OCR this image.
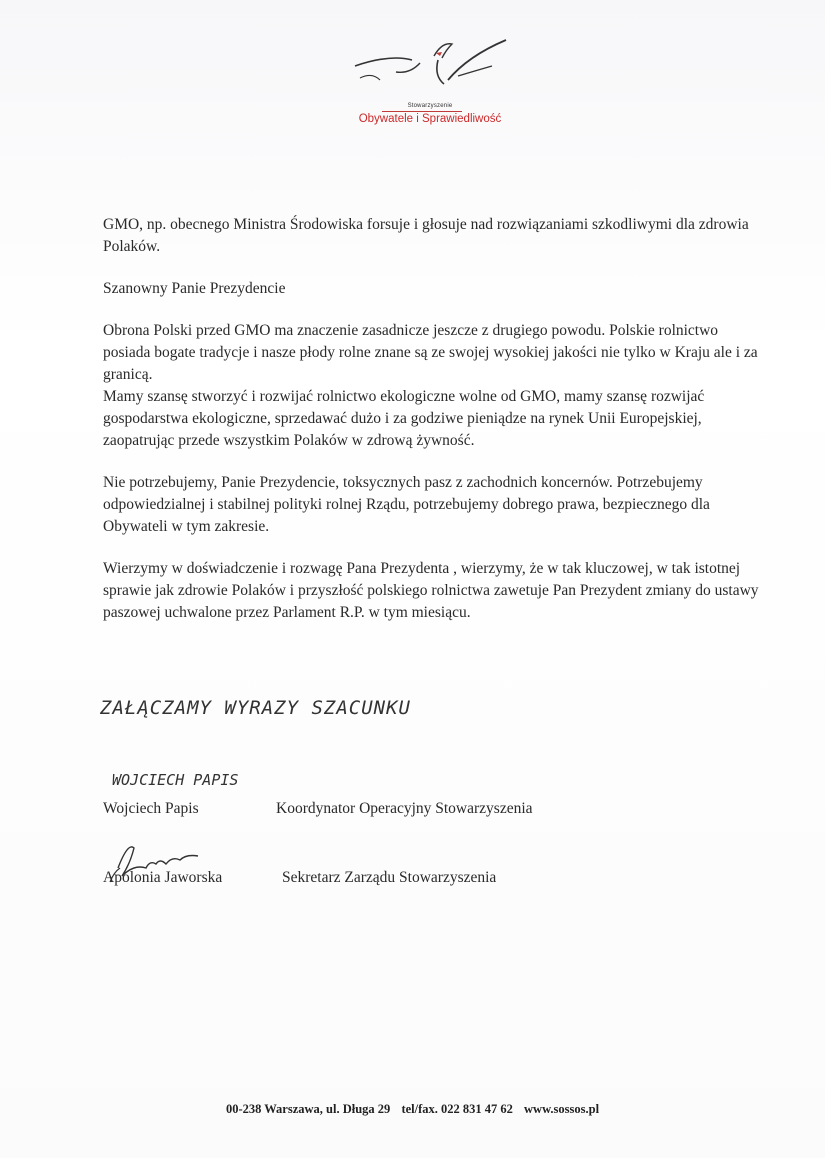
Stowarzyszenie
Obywatele i Sprawiedliwość

GMO, np. obecnego Ministra Środowiska forsuje i głosuje nad rozwiązaniami szkodliwymi dla zdrowia Polaków.

Szanowny Panie Prezydencie

Obrona Polski przed GMO ma znaczenie zasadnicze jeszcze z drugiego powodu. Polskie rolnictwo posiada bogate tradycje i nasze płody rolne znane są ze swojej wysokiej jakości nie tylko w Kraju ale i za granicą.

Mamy szansę stworzyć i rozwijać rolnictwo ekologiczne wolne od GMO, mamy szansę rozwijać gospodarstwa ekologiczne, sprzedawać dużo i za godziwe pieniądze na rynek Unii Europejskiej, zaopatrując przede wszystkim Polaków w zdrową żywność.

Nie potrzebujemy, Panie Prezydencie, toksycznych pasz z zachodnich koncernów. Potrzebujemy odpowiedzialnej i stabilnej polityki rolnej Rządu, potrzebujemy dobrego prawa, bezpiecznego dla Obywateli w tym zakresie.

Wierzymy w doświadczenie i rozwagę Pana Prezydenta , wierzymy, że w tak kluczowej, w tak istotnej sprawie jak zdrowie Polaków i przyszłość polskiego rolnictwa zawetuje Pan Prezydent zmiany do ustawy paszowej uchwalone przez Parlament R.P. w tym miesiącu.

ZAŁĄCZAMY WYRAZY SZACUNKU
WOJCIECH PAPIS
Wojciech Papis	Koordynator Operacyjny Stowarzyszenia
Apolonia Jaworska	Sekretarz Zarządu Stowarzyszenia
00-238 Warszawa, ul. Długa 29 tel/fax. 022 831 47 62 www.sossos.pl
